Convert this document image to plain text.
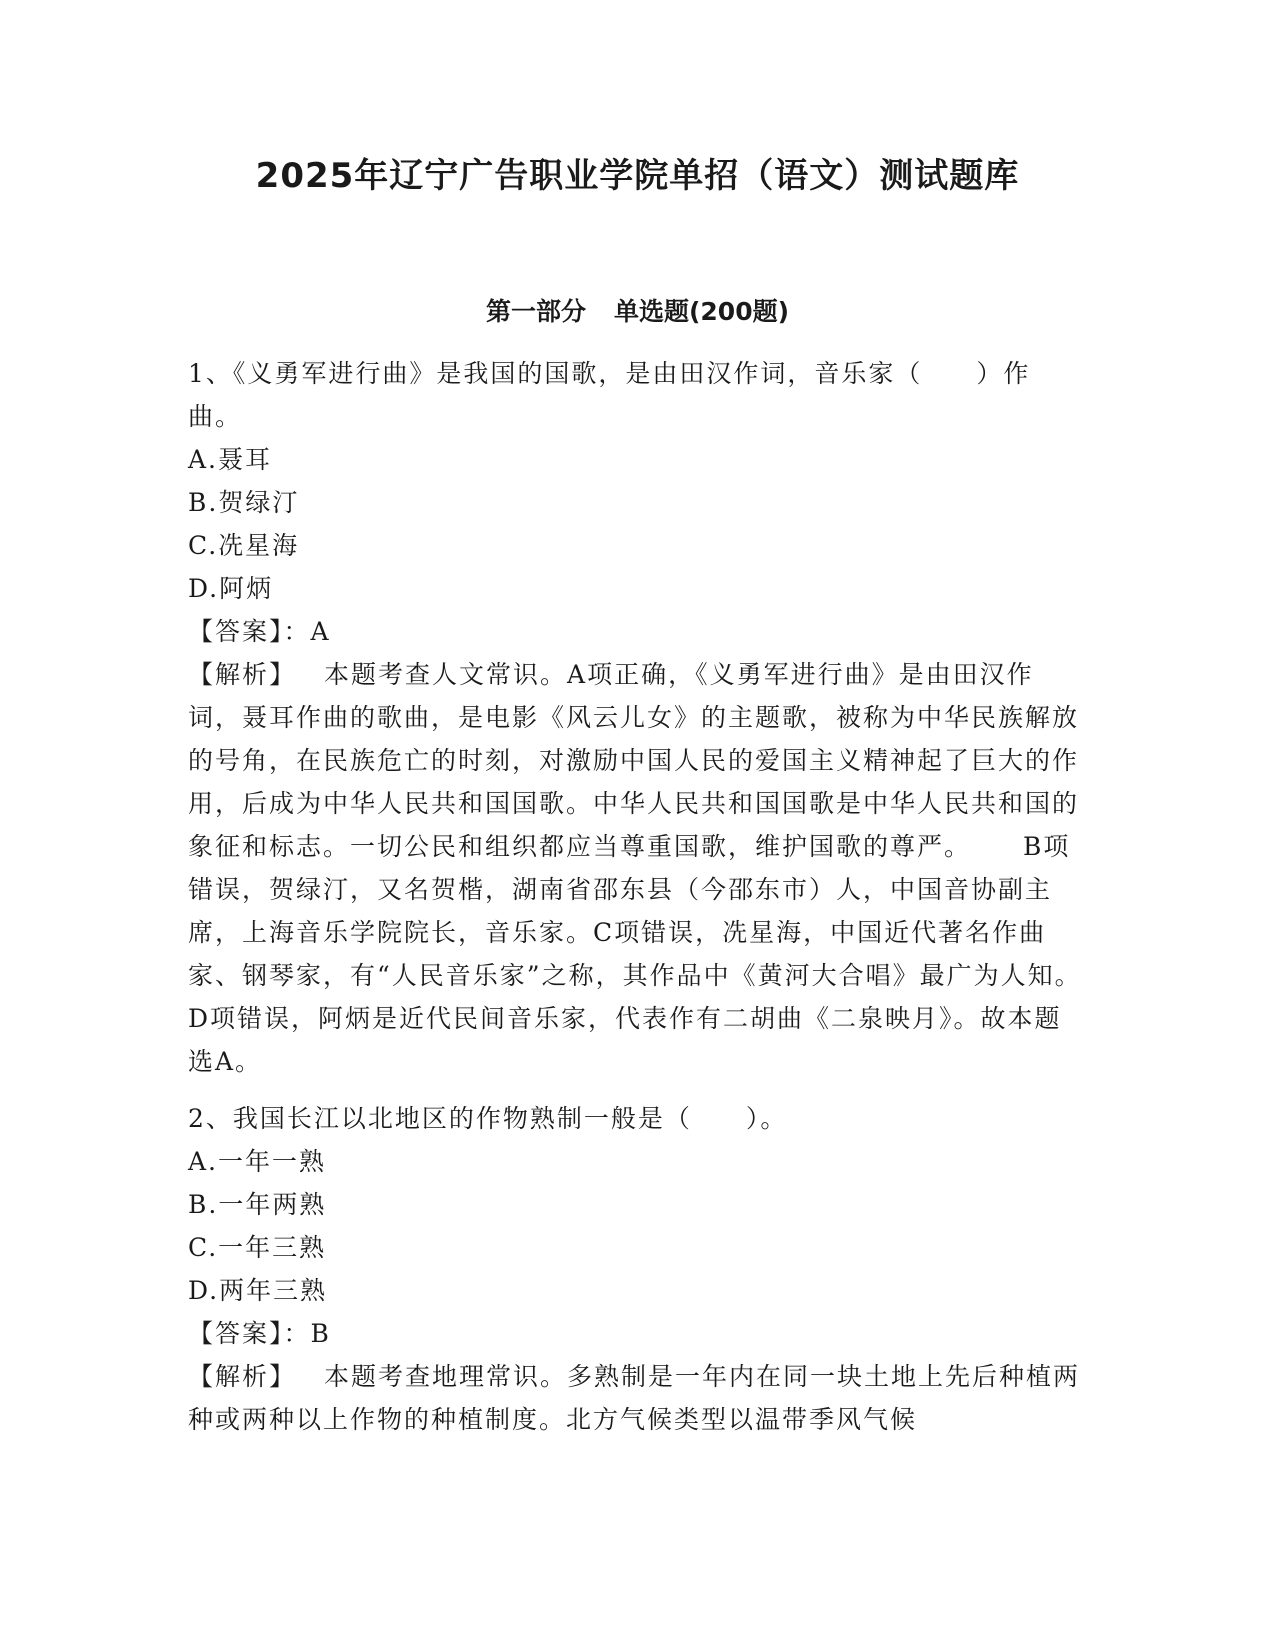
2025年辽宁广告职业学院单招（语文）测试题库
第一部分 单选题(200题)

1、《义勇军进行曲》是我国的国歌，是由田汉作词，音乐家（　　）作曲。

A.聂耳

B.贺绿汀

C.冼星海

D.阿炳

【答案】：A

【解析】 本题考查人文常识。A项正确，《义勇军进行曲》是由田汉作词，聂耳作曲的歌曲，是电影《风云儿女》的主题歌，被称为中华民族解放的号角，在民族危亡的时刻，对激励中国人民的爱国主义精神起了巨大的作用，后成为中华人民共和国国歌。中华人民共和国国歌是中华人民共和国的象征和标志。一切公民和组织都应当尊重国歌，维护国歌的尊严。 B项错误，贺绿汀，又名贺楷，湖南省邵东县（今邵东市）人，中国音协副主席，上海音乐学院院长，音乐家。C项错误，冼星海，中国近代著名作曲家、钢琴家，有“人民音乐家”之称，其作品中《黄河大合唱》最广为人知。D项错误，阿炳是近代民间音乐家，代表作有二胡曲《二泉映月》。故本题选A。

2、我国长江以北地区的作物熟制一般是（　　）。

A.一年一熟

B.一年两熟

C.一年三熟

D.两年三熟

【答案】：B

【解析】 本题考查地理常识。多熟制是一年内在同一块土地上先后种植两种或两种以上作物的种植制度。北方气候类型以温带季风气候
